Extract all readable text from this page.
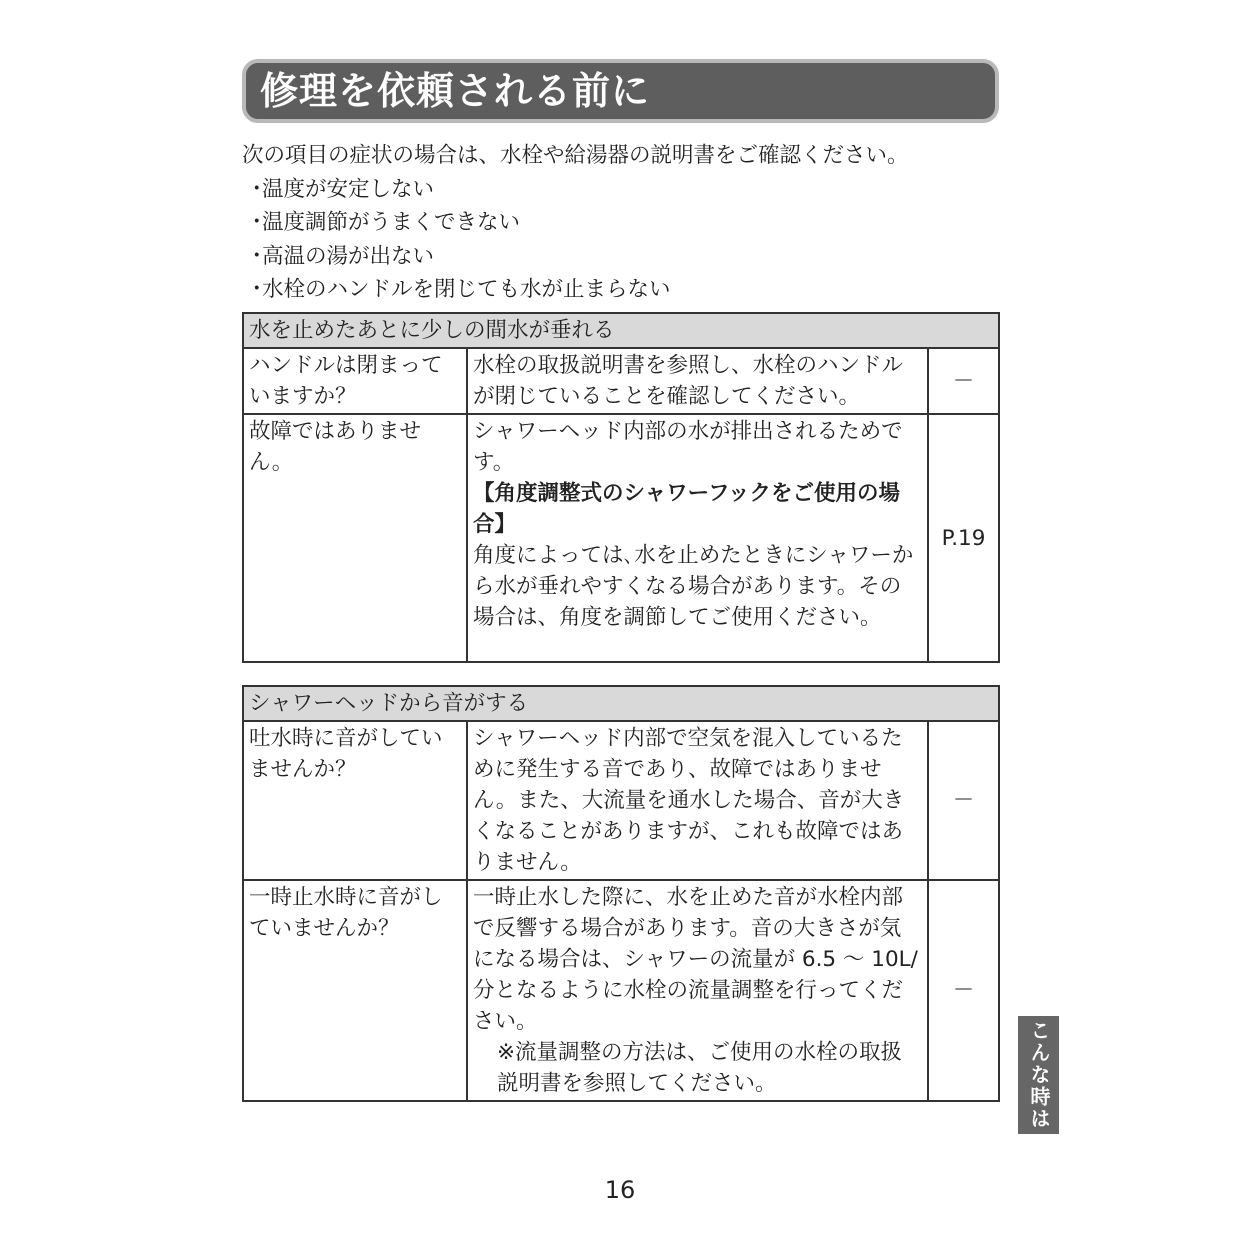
修理を依頼される前に

次の項目の症状の場合は、水栓や給湯器の説明書をご確認ください。

・ 温度が安定しない
・ 温度調節がうまくできない
・ 高温の湯が出ない
・ 水栓のハンドルを閉じても水が止まらない
水を止めたあとに少しの間水が垂れる		
ハンドルは閉まっていますか？	水栓の取扱説明書を参照し、水栓のハンドルが閉じていることを確認してください。	－
故障ではありません。	シャワーヘッド内部の水が排出されるためです。
【角度調整式のシャワーフックをご使用の場合】
角度によっては､水を止めたときにシャワーから水が垂れやすくなる場合があります。その場合は、角度を調節してご使用ください。	P.19
シャワーヘッドから音がする		
吐水時に音がしていませんか？	シャワーヘッド内部で空気を混入しているために発生する音であり、故障ではありません。また、大流量を通水した場合、音が大きくなることがありますが、これも故障ではありません。	－
一時止水時に音がしていませんか？	一時止水した際に、水を止めた音が水栓内部で反響する場合があります。音の大きさが気になる場合は、シャワーの流量が 6.5 ～ 10L/ 分となるように水栓の流量調整を行ってください。
※流量調整の方法は、ご使用の水栓の取扱説明書を参照してください。	－
こんな時は
16
